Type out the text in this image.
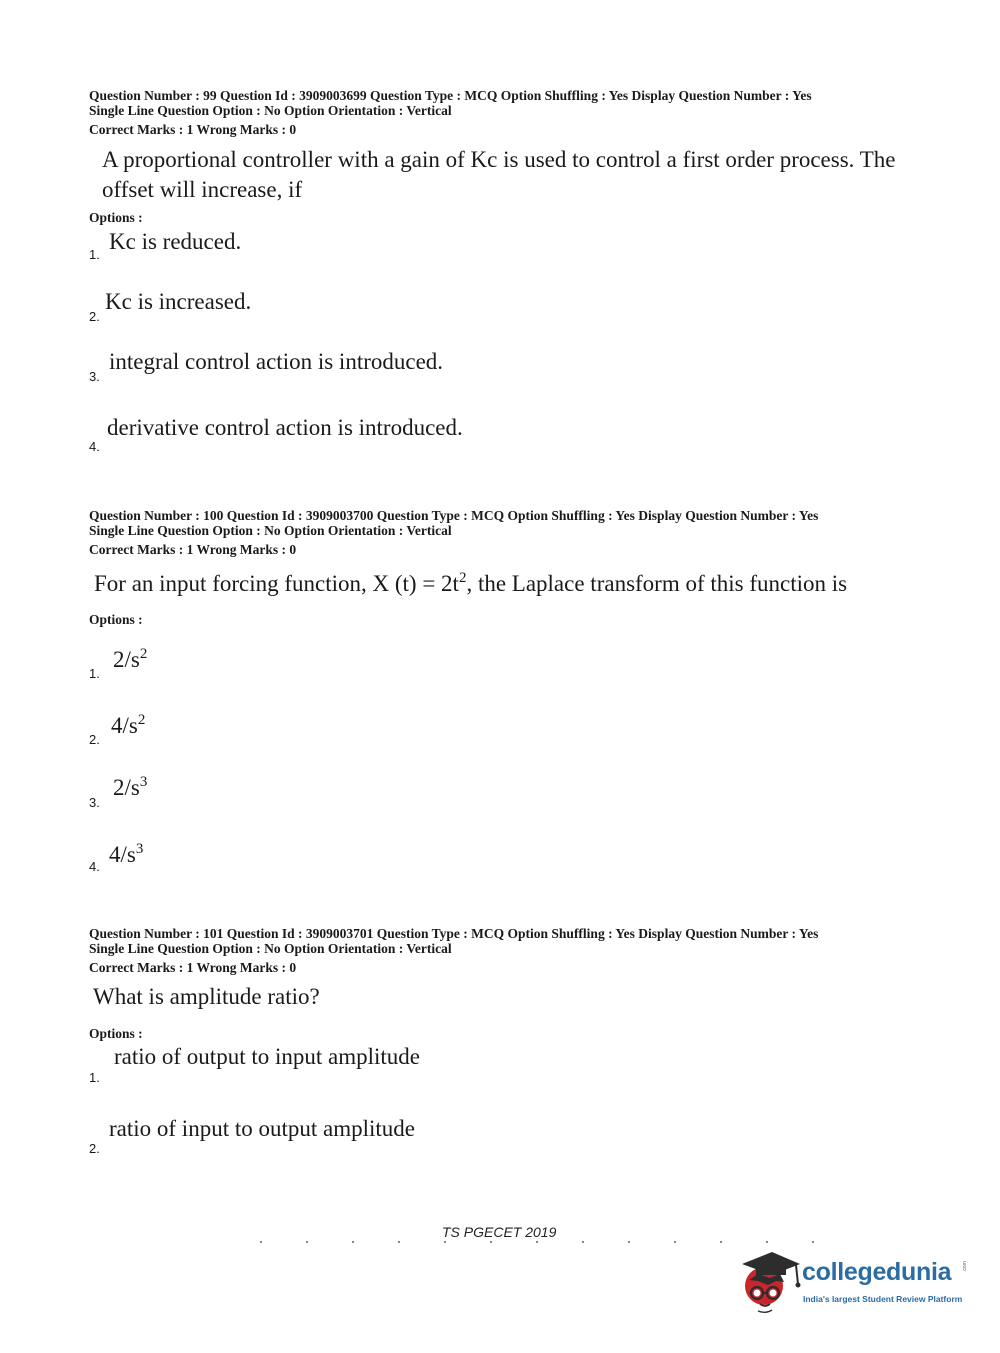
Question Number : 99 Question Id : 3909003699 Question Type : MCQ Option Shuffling : Yes Display Question Number : Yes
Single Line Question Option : No Option Orientation : Vertical
Correct Marks : 1 Wrong Marks : 0
A proportional controller with a gain of Kc is used to control a first order process. The
offset will increase, if
Options :
1.
Kc is reduced.
2.
Kc is increased.
3.
integral control action is introduced.
4.
derivative control action is introduced.
Question Number : 100 Question Id : 3909003700 Question Type : MCQ Option Shuffling : Yes Display Question Number : Yes
Single Line Question Option : No Option Orientation : Vertical
Correct Marks : 1 Wrong Marks : 0
For an input forcing function, X $(t) = 2t^2$, the Laplace transform of this function is
Options :
1.
$2/s^2$
2.
$4/s^2$
3.
$2/s^3$
4. $4/s^3$
Question Number : 101 Question Id : 3909003701 Question Type : MCQ Option Shuffling : Yes Display Question Number : Yes
Single Line Question Option : No Option Orientation : Vertical
Correct Marks : 1 Wrong Marks : 0
What is amplitude ratio?
Options :
1.
ratio of output to input amplitude
2.
ratio of input to output amplitude
TS PGECET 2019
collegedunia .com
India's largest Student Review Platform
